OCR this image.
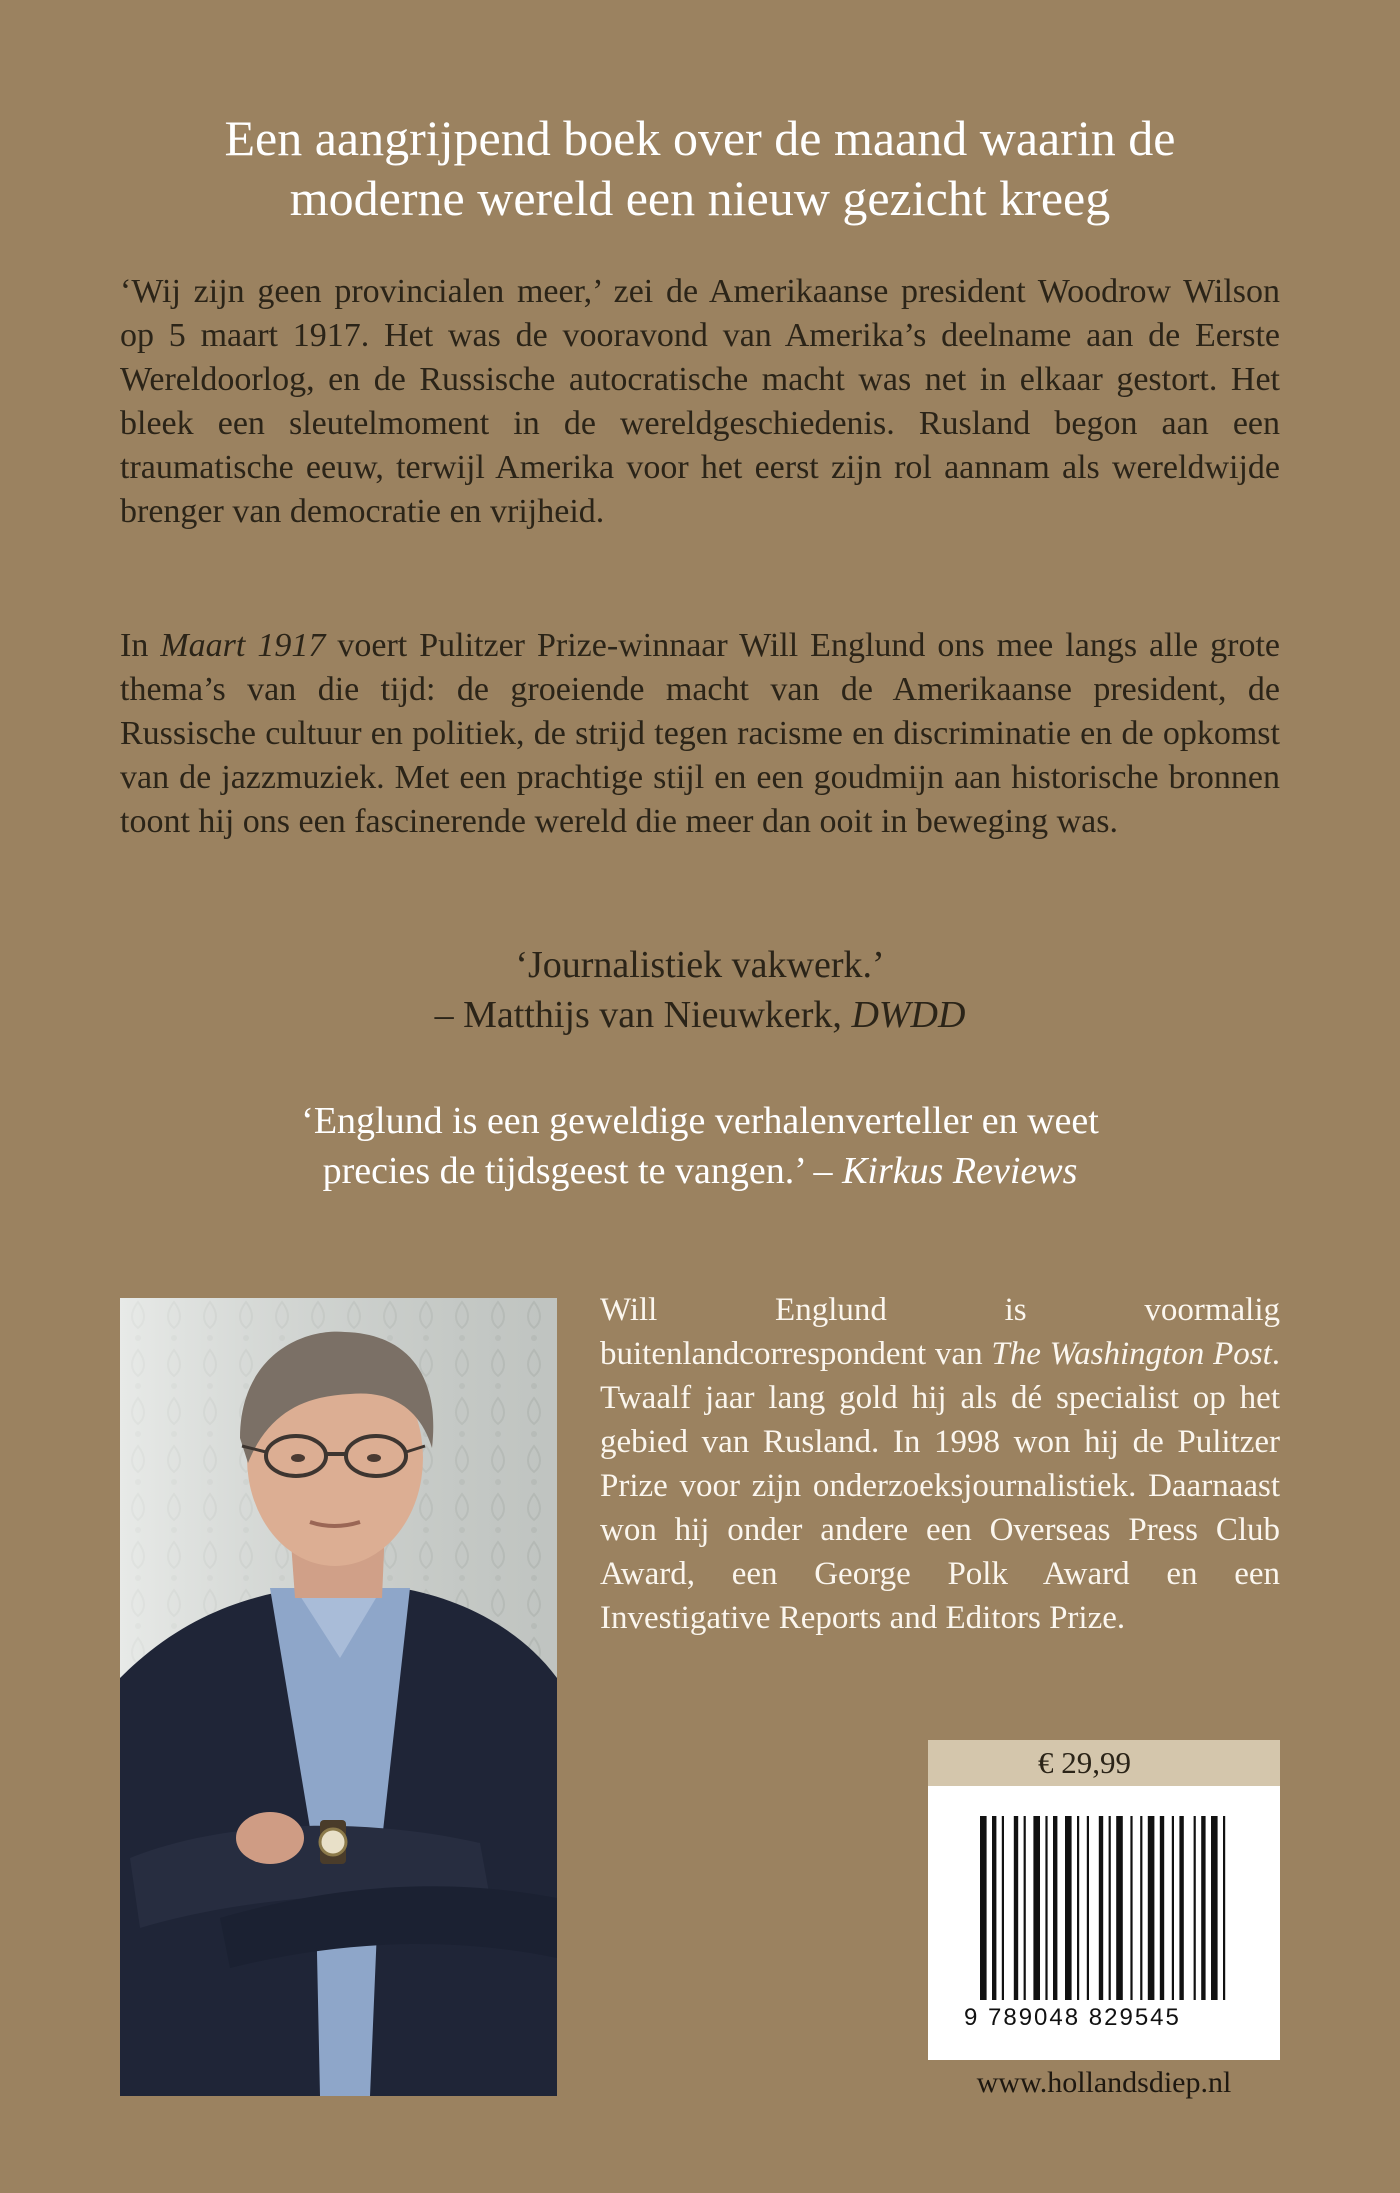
Een aangrijpend boek over de maand waarin de
moderne wereld een nieuw gezicht kreeg
‘Wij zijn geen provincialen meer,’ zei de Amerikaanse president Woodrow Wilson op 5 maart 1917. Het was de vooravond van Amerika’s deelname aan de Eerste Wereldoorlog, en de Russische autocratische macht was net in elkaar gestort. Het bleek een sleutelmoment in de wereldgeschiedenis. Rusland begon aan een traumatische eeuw, terwijl Amerika voor het eerst zijn rol aannam als wereldwijde brenger van democratie en vrijheid.
In Maart 1917 voert Pulitzer Prize-winnaar Will Englund ons mee langs alle grote thema’s van die tijd: de groeiende macht van de Amerikaanse president, de Russische cultuur en politiek, de strijd tegen racisme en discriminatie en de opkomst van de jazzmuziek. Met een prachtige stijl en een goudmijn aan historische bronnen toont hij ons een fascinerende wereld die meer dan ooit in beweging was.
‘Journalistiek vakwerk.’
– Matthijs van Nieuwkerk, DWDD
‘Englund is een geweldige verhalenverteller en weet
precies de tijdsgeest te vangen.’ – Kirkus Reviews
Will Englund is voormalig buitenlandcorrespondent van The Washington Post. Twaalf jaar lang gold hij als dé specialist op het gebied van Rusland. In 1998 won hij de Pulitzer Prize voor zijn onderzoeksjournalistiek. Daarnaast won hij onder andere een Overseas Press Club Award, een George Polk Award en een Investigative Reports and Editors Prize.
€ 29,99
9 789048 829545
www.hollandsdiep.nl
